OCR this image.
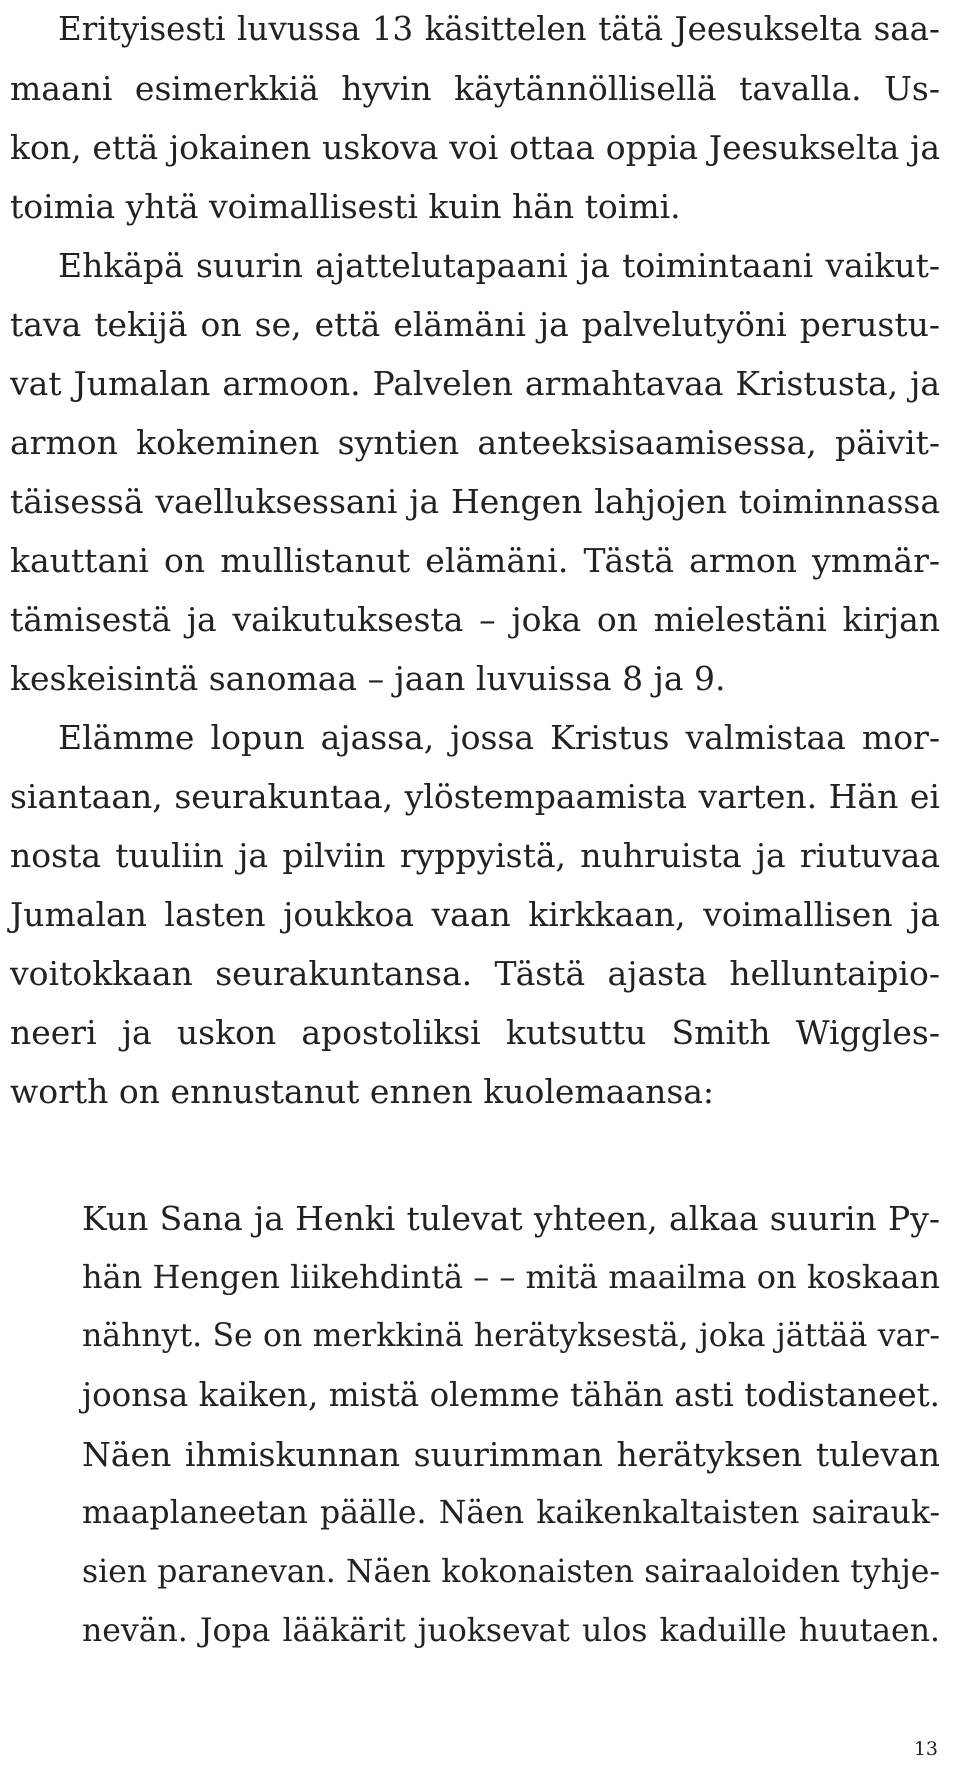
Erityisesti luvussa 13 käsittelen tätä Jeesukselta saa-
maani esimerkkiä hyvin käytännöllisellä tavalla. Us-
kon, että jokainen uskova voi ottaa oppia Jeesukselta ja
toimia yhtä voimallisesti kuin hän toimi.
Ehkäpä suurin ajattelutapaani ja toimintaani vaikut-
tava tekijä on se, että elämäni ja palvelutyöni perustu-
vat Jumalan armoon. Palvelen armahtavaa Kristusta, ja
armon kokeminen syntien anteeksisaamisessa, päivit-
täisessä vaelluksessani ja Hengen lahjojen toiminnassa
kauttani on mullistanut elämäni. Tästä armon ymmär-
tämisestä ja vaikutuksesta – joka on mielestäni kirjan
keskeisintä sanomaa – jaan luvuissa 8 ja 9.
Elämme lopun ajassa, jossa Kristus valmistaa mor-
siantaan, seurakuntaa, ylöstempaamista varten. Hän ei
nosta tuuliin ja pilviin ryppyistä, nuhruista ja riutuvaa
Jumalan lasten joukkoa vaan kirkkaan, voimallisen ja
voitokkaan seurakuntansa. Tästä ajasta helluntaipio-
neeri ja uskon apostoliksi kutsuttu Smith Wiggles-
worth on ennustanut ennen kuolemaansa:
Kun Sana ja Henki tulevat yhteen, alkaa suurin Py-
hän Hengen liikehdintä – – mitä maailma on koskaan
nähnyt. Se on merkkinä herätyksestä, joka jättää var-
joonsa kaiken, mistä olemme tähän asti todistaneet.
Näen ihmiskunnan suurimman herätyksen tulevan
maaplaneetan päälle. Näen kaikenkaltaisten sairauk-
sien paranevan. Näen kokonaisten sairaaloiden tyhje-
nevän. Jopa lääkärit juoksevat ulos kaduille huutaen.
13
